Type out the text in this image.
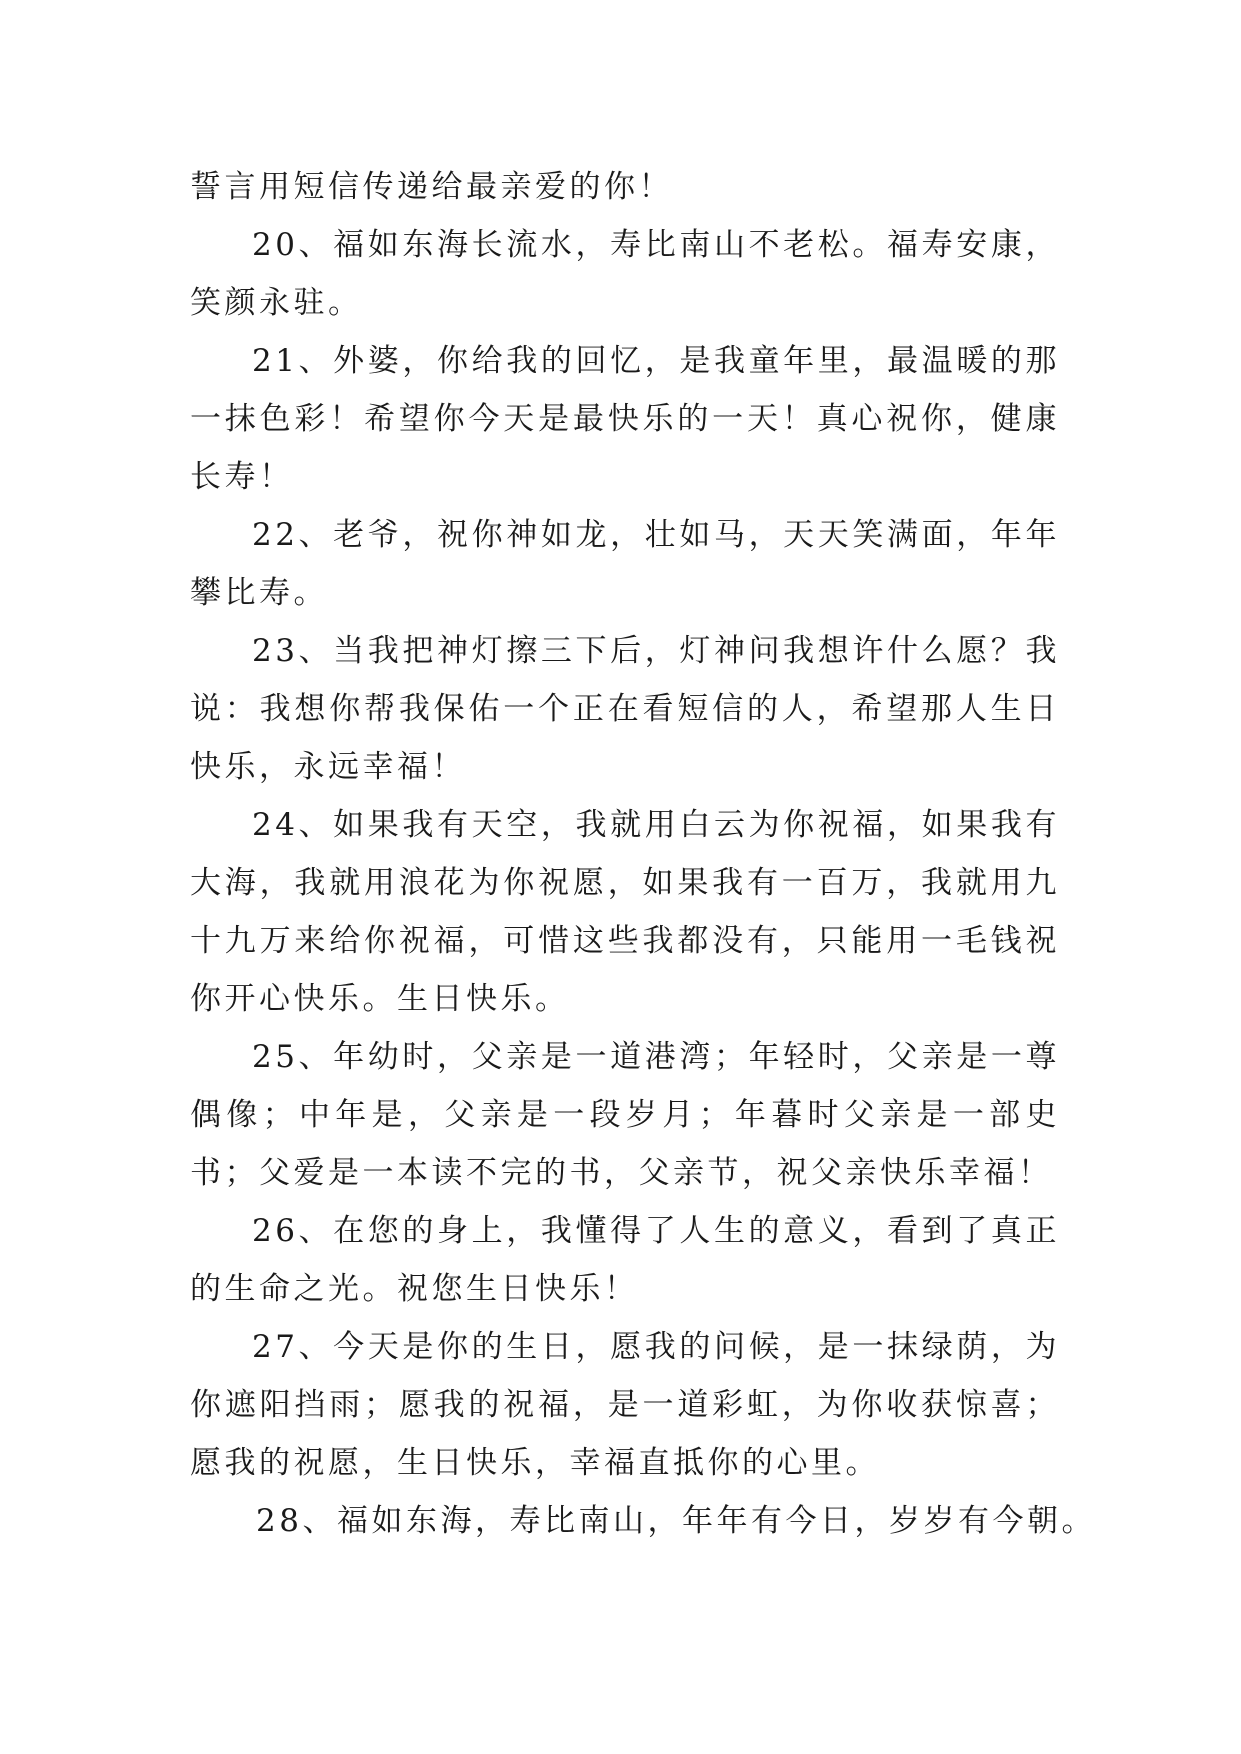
誓言用短信传递给最亲爱的你！

20、福如东海长流水，寿比南山不老松。福寿安康，笑颜永驻。

21、外婆，你给我的回忆，是我童年里，最温暖的那一抹色彩！希望你今天是最快乐的一天！真心祝你，健康长寿！

22、老爷，祝你神如龙，壮如马，天天笑满面，年年攀比寿。

23、当我把神灯擦三下后，灯神问我想许什么愿？我说：我想你帮我保佑一个正在看短信的人，希望那人生日快乐，永远幸福！

24、如果我有天空，我就用白云为你祝福，如果我有大海，我就用浪花为你祝愿，如果我有一百万，我就用九十九万来给你祝福，可惜这些我都没有，只能用一毛钱祝你开心快乐。生日快乐。

25、年幼时，父亲是一道港湾；年轻时，父亲是一尊偶像；中年是，父亲是一段岁月；年暮时父亲是一部史书；父爱是一本读不完的书，父亲节，祝父亲快乐幸福！

26、在您的身上，我懂得了人生的意义，看到了真正的生命之光。祝您生日快乐！

27、今天是你的生日，愿我的问候，是一抹绿荫，为你遮阳挡雨；愿我的祝福，是一道彩虹，为你收获惊喜；愿我的祝愿，生日快乐，幸福直抵你的心里。

28、福如东海，寿比南山，年年有今日，岁岁有今朝。
